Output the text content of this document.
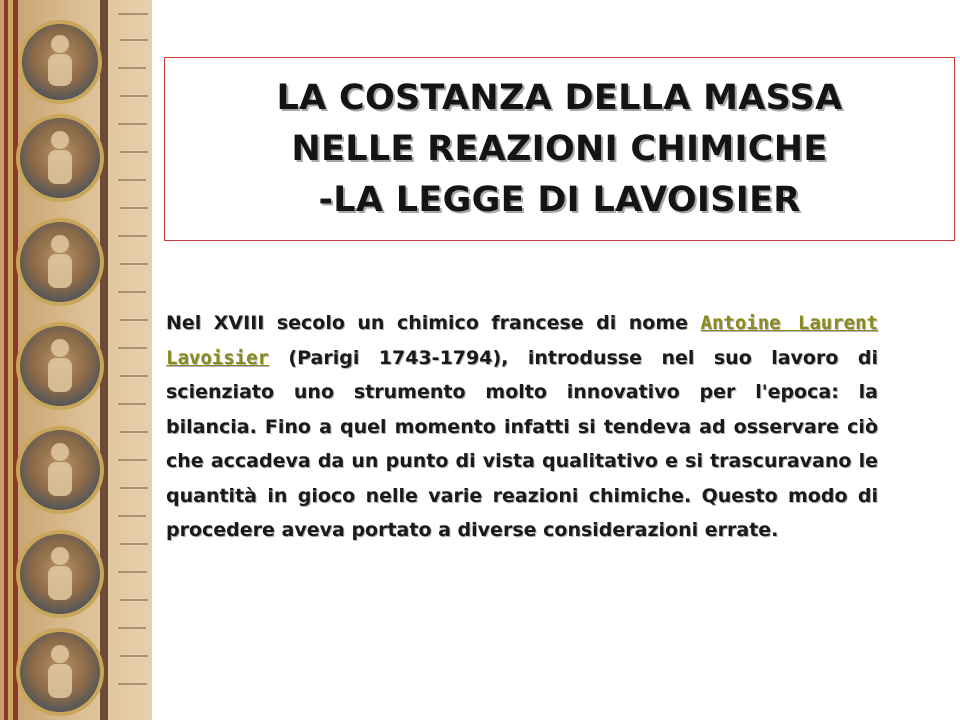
LA COSTANZA DELLA MASSA
NELLE REAZIONI CHIMICHE
-LA LEGGE DI LAVOISIER

Nel XVIII secolo un chimico francese di nome Antoine Laurent Lavoisier (Parigi 1743-1794), introdusse nel suo lavoro di scienziato uno strumento molto innovativo per l'epoca: la bilancia. Fino a quel momento infatti si tendeva ad osservare ciò che accadeva da un punto di vista qualitativo e si trascuravano le quantità in gioco nelle varie reazioni chimiche. Questo modo di procedere aveva portato a diverse considerazioni errate.
